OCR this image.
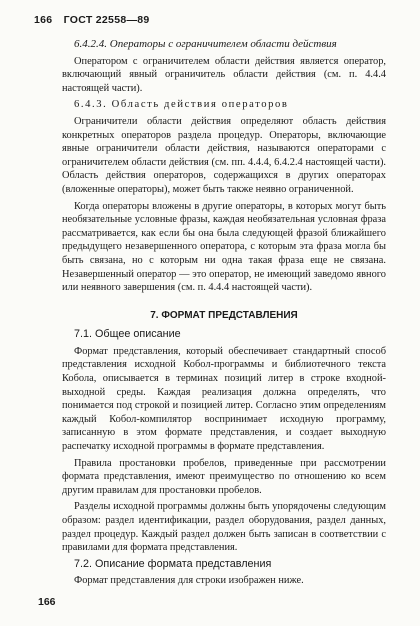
166 ГОСТ 22558—89

6.4.2.4. Операторы с ограничителем области действия

Оператором с ограничителем области действия является оператор, включающий явный ограничитель области действия (см. п. 4.4.4 настоящей части).

6.4.3. Область действия операторов

Ограничители области действия определяют область действия конкретных операторов раздела процедур. Операторы, включающие явные ограничители области действия, называются операторами с ограничителем области действия (см. пп. 4.4.4, 6.4.2.4 настоящей части). Область действия операторов, содержащихся в других операторах (вложенные операторы), может быть также неявно ограниченной.

Когда операторы вложены в другие операторы, в которых могут быть необязательные условные фразы, каждая необязательная условная фраза рассматривается, как если бы она была следующей фразой ближайшего предыдущего незавершенного оператора, с которым эта фраза могла бы быть связана, но с которым ни одна такая фраза еще не связана. Незавершенный оператор — это оператор, не имеющий заведомо явного или неявного завершения (см. п. 4.4.4 настоящей части).

7. ФОРМАТ ПРЕДСТАВЛЕНИЯ
7.1. Общее описание

Формат представления, который обеспечивает стандартный способ представления исходной Кобол-программы и библиотечного текста Кобола, описывается в терминах позиций литер в строке входной-выходной среды. Каждая реализация должна определять, что понимается под строкой и позицией литер. Согласно этим определениям каждый Кобол-компилятор воспринимает исходную программу, записанную в этом формате представления, и создает выходную распечатку исходной программы в формате представления.

Правила простановки пробелов, приведенные при рассмотрении формата представления, имеют преимущество по отношению ко всем другим правилам для простановки пробелов.

Разделы исходной программы должны быть упорядочены следующим образом: раздел идентификации, раздел оборудования, раздел данных, раздел процедур. Каждый раздел должен быть записан в соответствии с правилами для формата представления.

7.2. Описание формата представления

Формат представления для строки изображен ниже.

166
